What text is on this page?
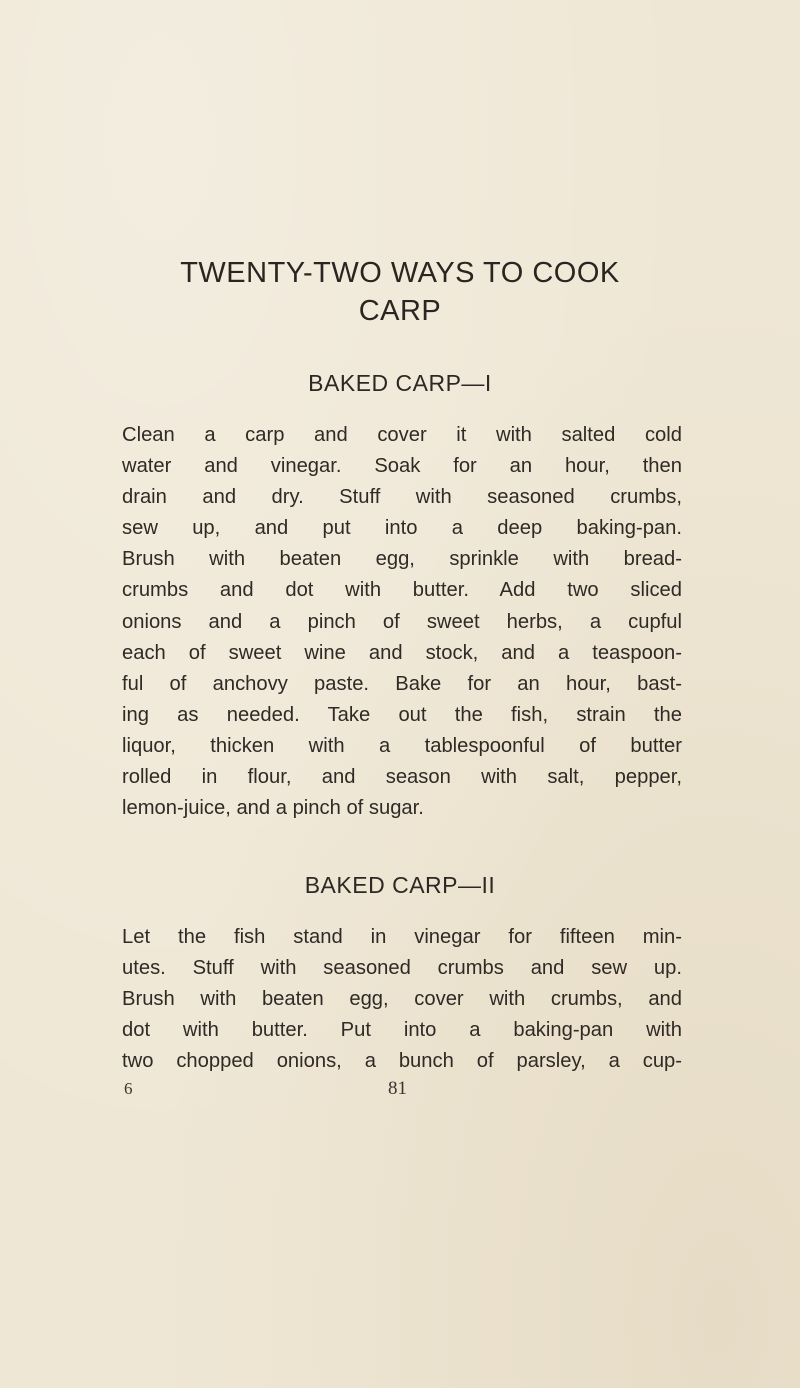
TWENTY-TWO WAYS TO COOK
CARP
BAKED CARP—I
Clean a carp and cover it with salted cold
water and vinegar. Soak for an hour, then
drain and dry. Stuff with seasoned crumbs,
sew up, and put into a deep baking-pan.
Brush with beaten egg, sprinkle with bread-
crumbs and dot with butter. Add two sliced
onions and a pinch of sweet herbs, a cupful
each of sweet wine and stock, and a teaspoon-
ful of anchovy paste. Bake for an hour, bast-
ing as needed. Take out the fish, strain the
liquor, thicken with a tablespoonful of butter
rolled in flour, and season with salt, pepper,
lemon-juice, and a pinch of sugar.
BAKED CARP—II
Let the fish stand in vinegar for fifteen min-
utes. Stuff with seasoned crumbs and sew up.
Brush with beaten egg, cover with crumbs, and
dot with butter. Put into a baking-pan with
two chopped onions, a bunch of parsley, a cup-
6	81
